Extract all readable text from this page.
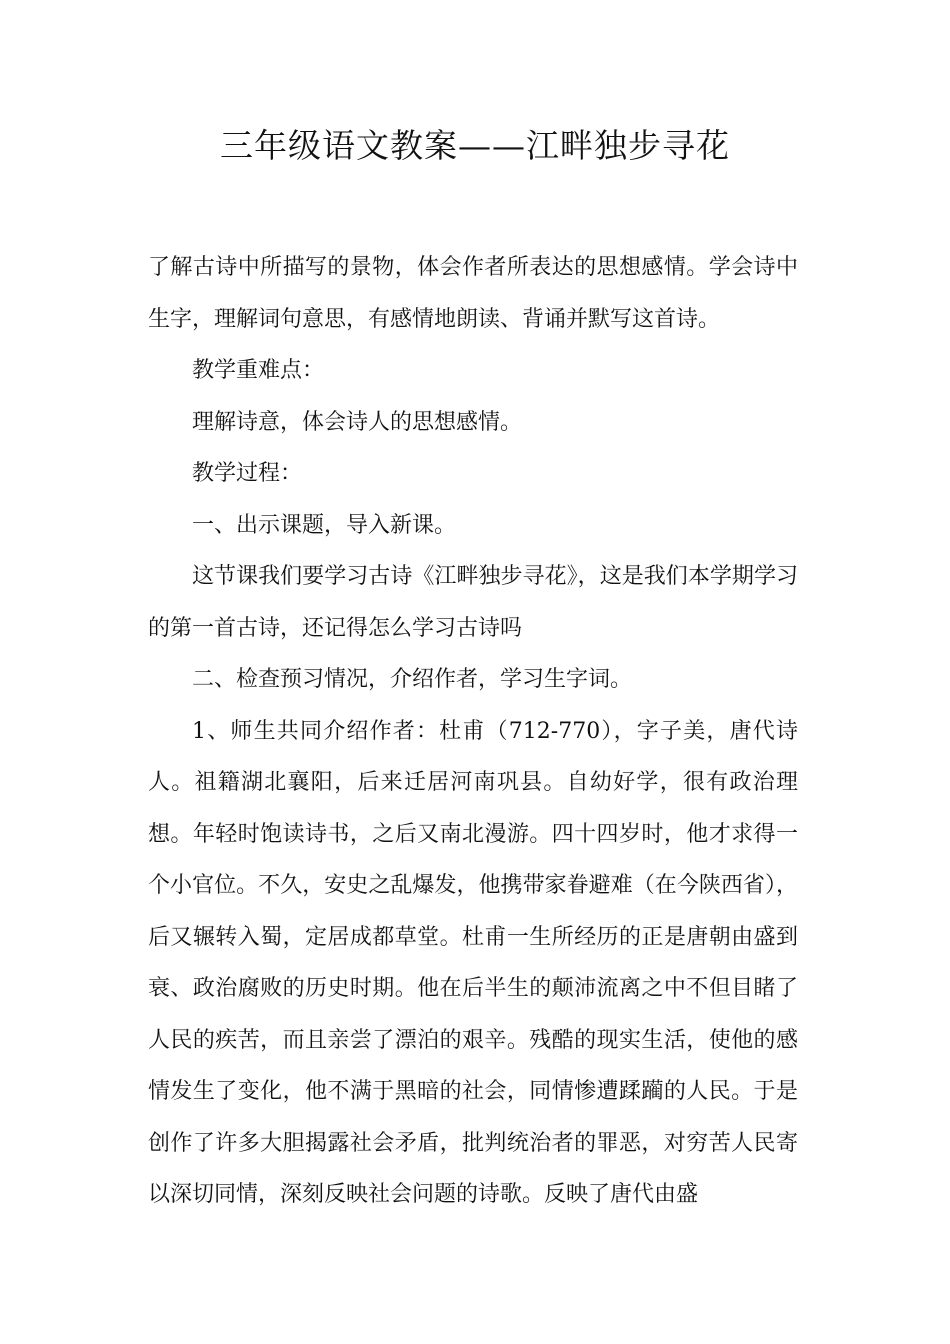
三年级语文教案——江畔独步寻花

了解古诗中所描写的景物，体会作者所表达的思想感情。学会诗中生字，理解词句意思，有感情地朗读、背诵并默写这首诗。

教学重难点：

理解诗意，体会诗人的思想感情。

教学过程：

一、出示课题，导入新课。

这节课我们要学习古诗《江畔独步寻花》，这是我们本学期学习的第一首古诗，还记得怎么学习古诗吗

二、检查预习情况，介绍作者，学习生字词。

1、师生共同介绍作者：杜甫（712-770），字子美，唐代诗人。祖籍湖北襄阳，后来迁居河南巩县。自幼好学，很有政治理想。年轻时饱读诗书，之后又南北漫游。四十四岁时，他才求得一个小官位。不久，安史之乱爆发，他携带家眷避难（在今陕西省），后又辗转入蜀，定居成都草堂。杜甫一生所经历的正是唐朝由盛到衰、政治腐败的历史时期。他在后半生的颠沛流离之中不但目睹了人民的疾苦，而且亲尝了漂泊的艰辛。残酷的现实生活，使他的感情发生了变化，他不满于黑暗的社会，同情惨遭蹂躏的人民。于是创作了许多大胆揭露社会矛盾，批判统治者的罪恶，对穷苦人民寄以深切同情，深刻反映社会问题的诗歌。反映了唐代由盛
